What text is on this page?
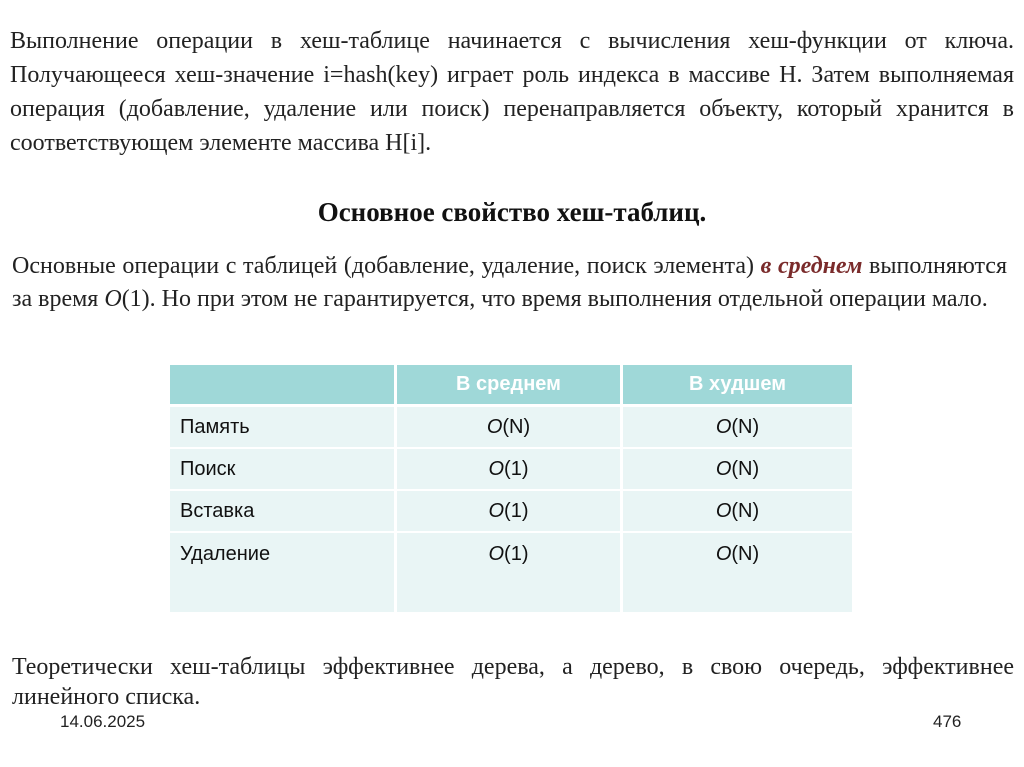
Выполнение операции в хеш-таблице начинается с вычисления хеш-функции от ключа. Получающееся хеш-значение i=hash(key) играет роль индекса в массиве H. Затем выполняемая операция (добавление, удаление или поиск) перенаправляется объекту, который хранится в соответствующем элементе массива H[i].
Основное свойство хеш-таблиц.
Основные операции с таблицей (добавление, удаление, поиск элемента) в среднем выполняются за время O(1). Но при этом не гарантируется, что время выполнения отдельной операции мало.
	В среднем	В худшем
Память	O(N)	O(N)
Поиск	O(1)	O(N)
Вставка	O(1)	O(N)
Удаление	O(1)	O(N)
Теоретически хеш-таблицы эффективнее дерева, а дерево, в свою очередь, эффективнее линейного списка.
14.06.2025	476
